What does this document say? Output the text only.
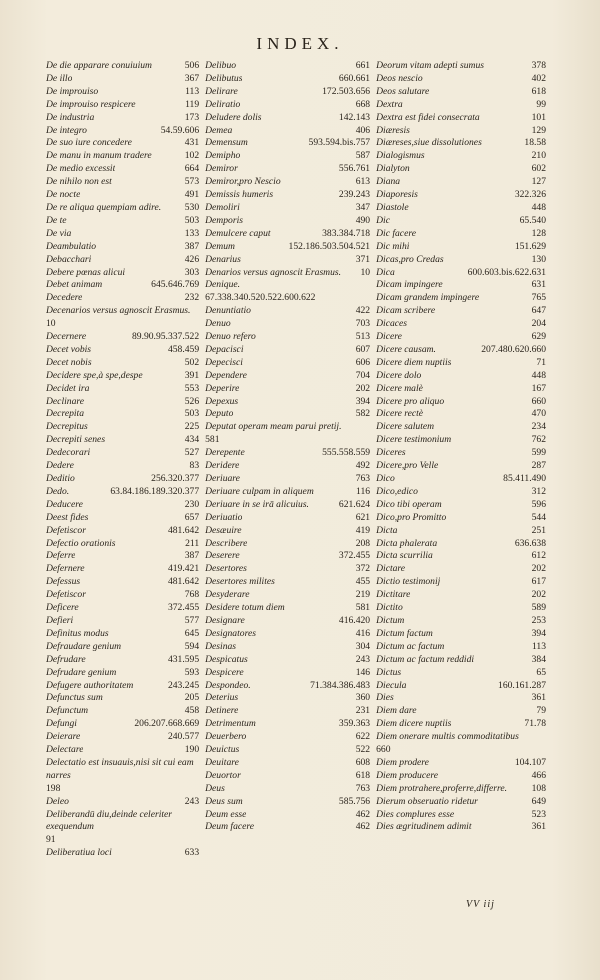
INDEX.
De die apparare conuiuium	506
De illo	367
De improuiso	113
De improuiso respicere	119
De industria	173
De integro	54.59.606
De suo iure concedere	431
De manu in manum tradere	102
De medio excessit	664
De nihilo non est	573
De nocte	491
De re aliqua quempiam adire. 530
De te	503
De via	133
Deambulatio	387
Debacchari	426
Debere pœnas alicui	303
Debet animam	645.646.769
Decedere	232
Decenarios versus agnoscit Erasmus.
10
Decernere	89.90.95.337.522
Decet vobis	458.459
Decet nobis	502
Decidere spe,à spe,despe	391
Decidet ira	553
Declinare	526
Decrepita	503
Decrepitus	225
Decrepiti senes	434
Dedecorari	527
Dedere	83
Deditio	256.320.377
Dedo.	63.84.186.189.320.377
Deducere	230
Deest fides	657
Defetiscor	481.642
Defectio orationis	211
Deferre	387
Defernere	419.421
Defessus	481.642
Defetiscor	768
Deficere	372.455
Defieri	577
Definitus modus	645
Defraudare genium	594
Defrudare	431.595
Defrudare genium	593
Defugere authoritatem	243.245
Defunctus sum	205
Defunctum	458
Defungi	206.207.668.669
Deierare	240.577
Delectare	190
Delectatio est insuauis,nisi sit cui eam narres
198
Deleo	243
Deliberandū diu,deinde celeriter exequendum
91
Deliberatiua loci	633
Delibuo	661
Delibutus	660.661
Delirare	172.503.656
Deliratio	668
Deludere dolis	142.143
Demea	406
Demensum	593.594.bis.757
Demipho	587
Demiror	556.761
Demiror,pro Nescio	613
Demissis humeris	239.243
Demoliri	347
Demporis	490
Demulcere caput	383.384.718
Demum	152.186.503.504.521
Denarius	371
Denarios versus agnoscit Erasmus. 10
Denique.
67.338.340.520.522.600.622
Denuntiatio	422
Denuo	703
Denuo refero	513
Depacisci	607
Depecisci	606
Dependere	704
Deperire	202
Depexus	394
Deputo	582
Deputat operam meam parui pretij.
581
Derepente	555.558.559
Deridere	492
Deriuare	763
Deriuare culpam in aliquem	116
Deriuare in se irā alicuius.	621.624
Deriuatio	621
Desæuire	419
Describere	208
Deserere	372.455
Desertores	372
Desertores milites	455
Desyderare	219
Desidere totum diem	581
Designare	416.420
Designatores	416
Desinas	304
Despicatus	243
Despicere	146
Despondeo.	71.384.386.483
Deterius	360
Detinere	231
Detrimentum	359.363
Deuerbero	622
Deuictus	522
Deuitare	608
Deuortor	618
Deus	763
Deus sum	585.756
Deum esse	462
Deum facere	462
Deorum vitam adepti sumus	378
Deos nescio	402
Deos salutare	618
Dextra	99
Dextra est fidei consecrata	101
Diæresis	129
Diæreses,siue dissolutiones	18.58
Dialogismus	210
Dialyton	602
Diana	127
Diaporesis	322.326
Diastole	448
Dic	65.540
Dic facere	128
Dic mihi	151.629
Dicas,pro Credas	130
Dica	600.603.bis.622.631
Dicam impingere	631
Dicam grandem impingere	765
Dicam scribere	647
Dicaces	204
Dicere	629
Dicere causam.	207.480.620.660
Dicere diem nuptiis	71
Dicere dolo	448
Dicere malè	167
Dicere pro aliquo	660
Dicere rectè	470
Dicere salutem	234
Dicere testimonium	762
Diceres	599
Dicere,pro Velle	287
Dico	85.411.490
Dico,edico	312
Dico tibi operam	596
Dico,pro Promitto	544
Dicta	251
Dicta phalerata	636.638
Dicta scurrilia	612
Dictare	202
Dictio testimonij	617
Dictitare	202
Dictito	589
Dictum	253
Dictum factum	394
Dictum ac factum	113
Dictum ac factum reddidi	384
Dictus	65
Diecula	160.161.287
Dies	361
Diem dare	79
Diem dicere nuptiis	71.78
Diem onerare multis commoditatibus
660
Diem prodere	104.107
Diem producere	466
Diem protrahere,proferre,differre.	108
Dierum obseruatio ridetur	649
Dies complures esse	523
Dies ægritudinem adimit	361
VV iij
